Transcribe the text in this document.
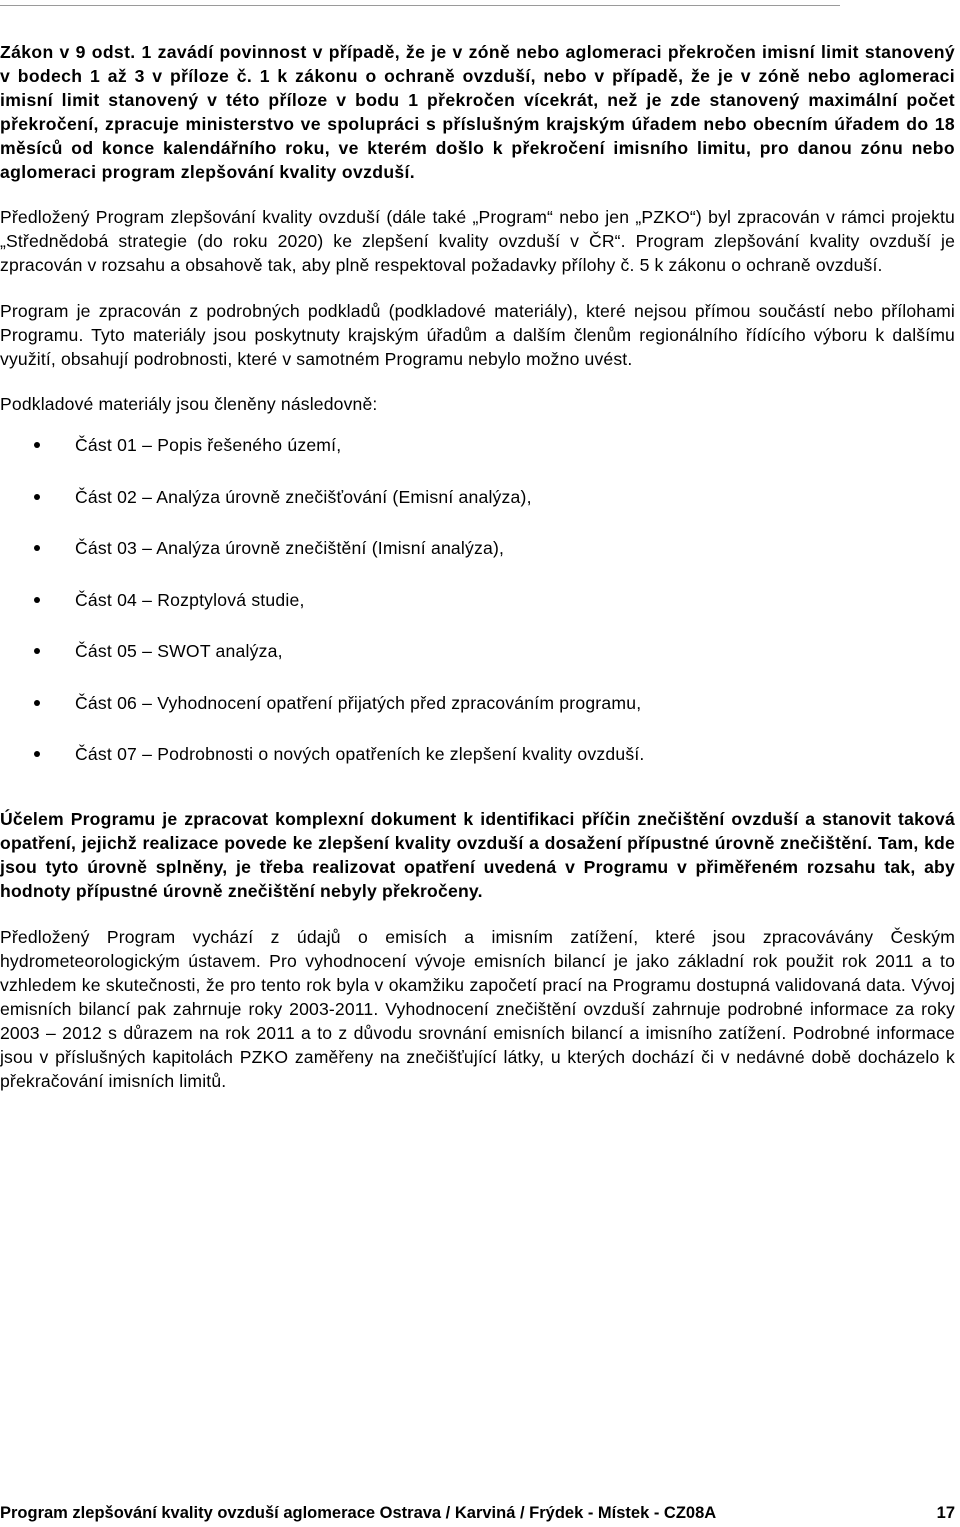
Zákon v 9 odst. 1 zavádí povinnost v případě, že je v zóně nebo aglomeraci překročen imisní limit stanovený v bodech 1 až 3 v příloze č. 1 k zákonu o ochraně ovzduší, nebo v případě, že je v zóně nebo aglomeraci imisní limit stanovený v této příloze v bodu 1 překročen vícekrát, než je zde stanovený maximální počet překročení, zpracuje ministerstvo ve spolupráci s příslušným krajským úřadem nebo obecním úřadem do 18 měsíců od konce kalendářního roku, ve kterém došlo k překročení imisního limitu, pro danou zónu nebo aglomeraci program zlepšování kvality ovzduší.

Předložený Program zlepšování kvality ovzduší (dále také „Program“ nebo jen „PZKO“) byl zpracován v rámci projektu „Střednědobá strategie (do roku 2020) ke zlepšení kvality ovzduší v ČR“. Program zlepšování kvality ovzduší je zpracován v rozsahu a obsahově tak, aby plně respektoval požadavky přílohy č. 5 k zákonu o ochraně ovzduší.

Program je zpracován z podrobných podkladů (podkladové materiály), které nejsou přímou součástí nebo přílohami Programu. Tyto materiály jsou poskytnuty krajským úřadům a dalším členům regionálního řídícího výboru k dalšímu využití, obsahují podrobnosti, které v samotném Programu nebylo možno uvést.

Podkladové materiály jsou členěny následovně:

Část 01 – Popis řešeného území,
Část 02 – Analýza úrovně znečišťování (Emisní analýza),
Část 03 – Analýza úrovně znečištění (Imisní analýza),
Část 04 – Rozptylová studie,
Část 05 – SWOT analýza,
Část 06 – Vyhodnocení opatření přijatých před zpracováním programu,
Část 07 – Podrobnosti o nových opatřeních ke zlepšení kvality ovzduší.

Účelem Programu je zpracovat komplexní dokument k identifikaci příčin znečištění ovzduší a stanovit taková opatření, jejichž realizace povede ke zlepšení kvality ovzduší a dosažení přípustné úrovně znečištění. Tam, kde jsou tyto úrovně splněny, je třeba realizovat opatření uvedená v Programu v přiměřeném rozsahu tak, aby hodnoty přípustné úrovně znečištění nebyly překročeny.

Předložený Program vychází z údajů o emisích a imisním zatížení, které jsou zpracovávány Českým hydrometeorologickým ústavem. Pro vyhodnocení vývoje emisních bilancí je jako základní rok použit rok 2011 a to vzhledem ke skutečnosti, že pro tento rok byla v okamžiku započetí prací na Programu dostupná validovaná data. Vývoj emisních bilancí pak zahrnuje roky 2003-2011. Vyhodnocení znečištění ovzduší zahrnuje podrobné informace za roky 2003 – 2012 s důrazem na rok 2011 a to z důvodu srovnání emisních bilancí a imisního zatížení. Podrobné informace jsou v příslušných kapitolách PZKO zaměřeny na znečišťující látky, u kterých dochází či v nedávné době docházelo k překračování imisních limitů.

Program zlepšování kvality ovzduší aglomerace Ostrava / Karviná / Frýdek - Místek - CZ08A	17
